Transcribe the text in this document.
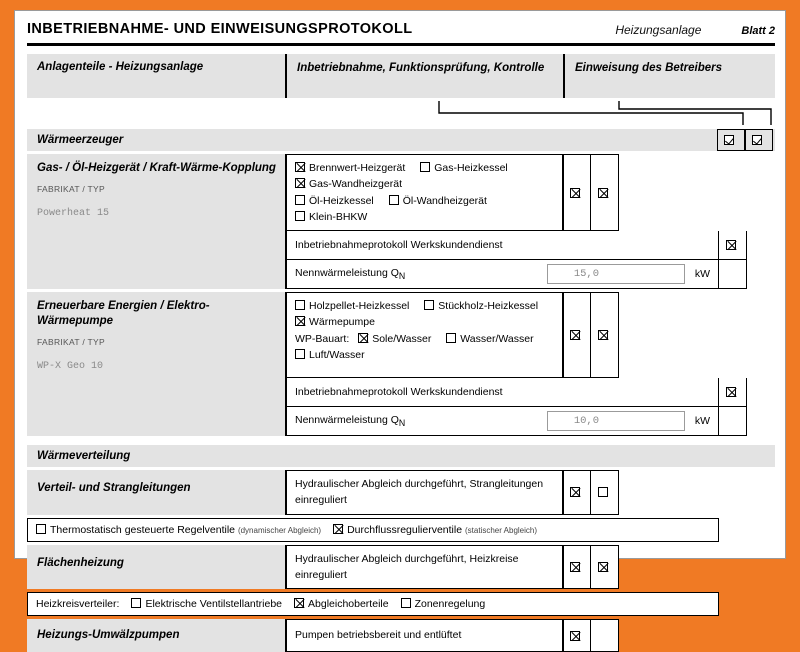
INBETRIEBNAHME- UND EINWEISUNGSPROTOKOLL	Heizungsanlage	Blatt 2
Anlagenteile - Heizungsanlage	Inbetriebnahme, Funktionsprüfung, Kontrolle	Einweisung des Betreibers
Wärmeerzeuger
Gas- / Öl-Heizgerät / Kraft-Wärme-Kopplung
FABRIKAT / TYP
Powerheat 15
Brennwert-Heizgerät	Gas-Heizkessel Gas-Wandheizgerät
Öl-Heizkessel	Öl-Wandheizgerät Klein-BHKW
Inbetriebnahmeprotokoll Werkskundendienst
Nennwärmeleistung $Q_N$	15,0	kW
Erneuerbare Energien / Elektro-Wärmepumpe
FABRIKAT / TYP
WP-X Geo 10
Holzpellet-Heizkessel	Stückholz-Heizkessel Wärmepumpe
WP-Bauart: Sole/Wasser	Wasser/Wasser Luft/Wasser
Inbetriebnahmeprotokoll Werkskundendienst
Nennwärmeleistung $Q_N$	10,0	kW
Wärmeverteilung
Verteil- und Strangleitungen	Hydraulischer Abgleich durchgeführt, Strangleitungen einreguliert
Thermostatisch gesteuerte Regelventile (dynamischer Abgleich)	Durchflussregulierventile (statischer Abgleich)
Flächenheizung	Hydraulischer Abgleich durchgeführt, Heizkreise einreguliert
Heizkreisverteiler:	Elektrische Ventilstellantriebe	Abgleichoberteile	Zonenregelung
Heizungs-Umwälzpumpen	Pumpen betriebsbereit und entlüftet
